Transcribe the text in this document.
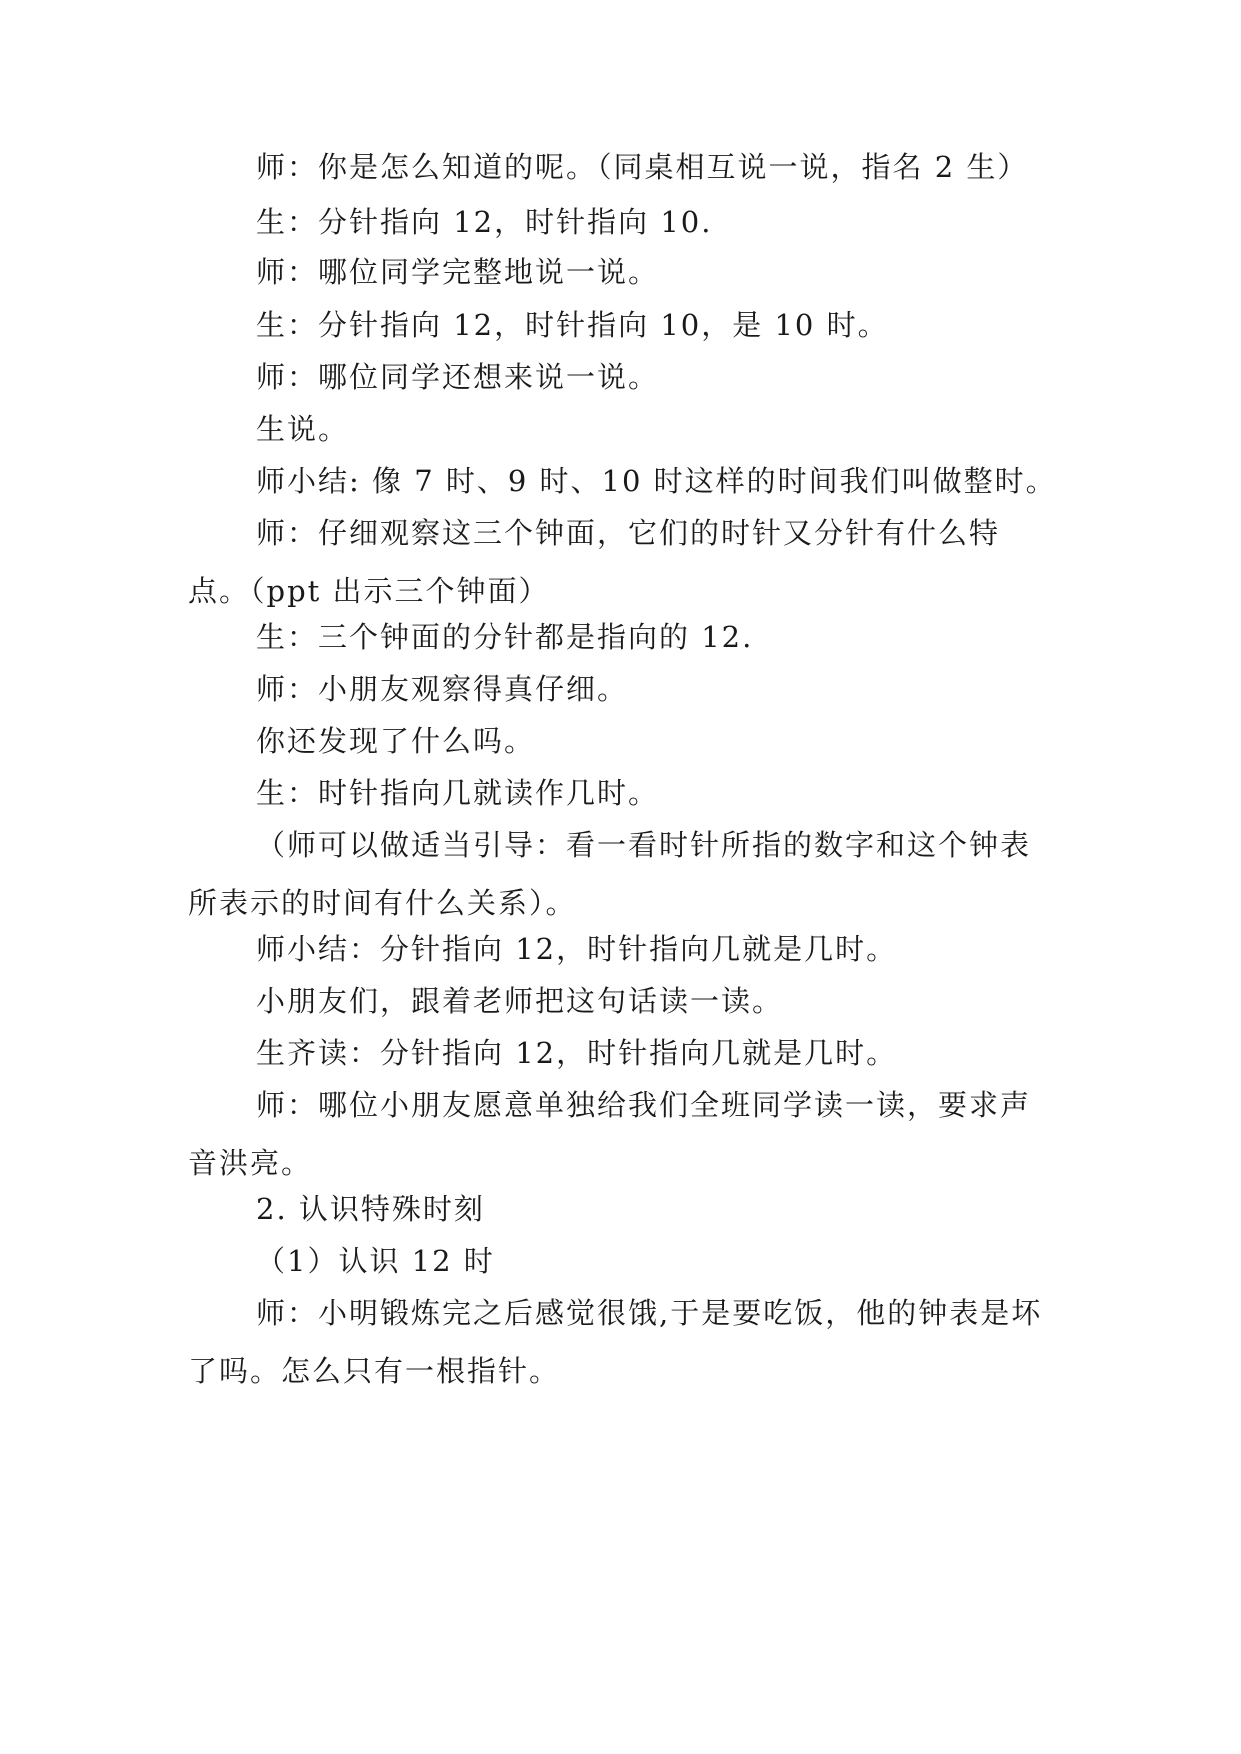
师：你是怎么知道的呢。（同桌相互说一说，指名 2 生）

生：分针指向 12，时针指向 10.

师：哪位同学完整地说一说。

生：分针指向 12，时针指向 10，是 10 时。

师：哪位同学还想来说一说。

生说。

师小结: 像 7 时、9 时、10 时这样的时间我们叫做整时。

师：仔细观察这三个钟面，它们的时针又分针有什么特点。（ppt 出示三个钟面）

生：三个钟面的分针都是指向的 12.

师：小朋友观察得真仔细。

你还发现了什么吗。

生：时针指向几就读作几时。

（师可以做适当引导：看一看时针所指的数字和这个钟表所表示的时间有什么关系）。

师小结：分针指向 12，时针指向几就是几时。

小朋友们，跟着老师把这句话读一读。

生齐读：分针指向 12，时针指向几就是几时。

师：哪位小朋友愿意单独给我们全班同学读一读，要求声音洪亮。

2. 认识特殊时刻

（1）认识 12 时

师：小明锻炼完之后感觉很饿,于是要吃饭，他的钟表是坏了吗。怎么只有一根指针。
